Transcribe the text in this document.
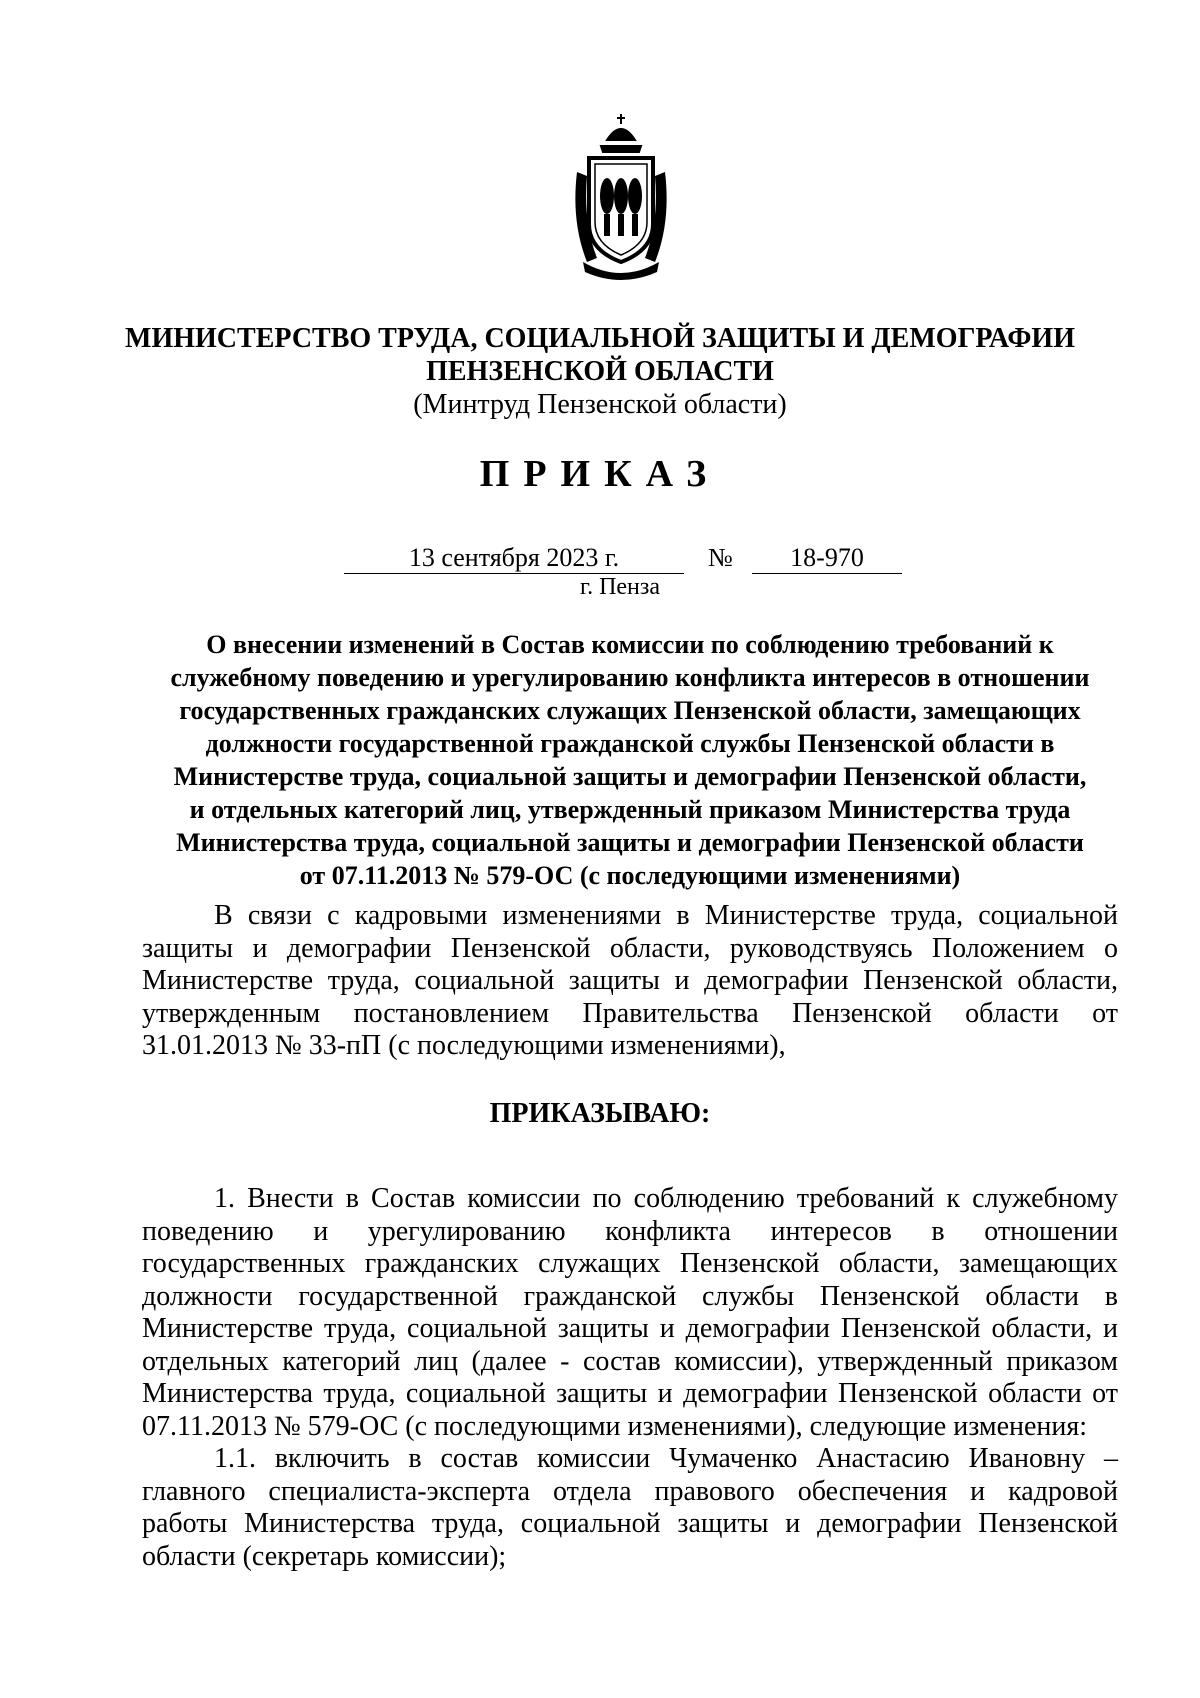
МИНИСТЕРСТВО ТРУДА, СОЦИАЛЬНОЙ ЗАЩИТЫ И ДЕМОГРАФИИ
ПЕНЗЕНСКОЙ ОБЛАСТИ
(Минтруд Пензенской области)
ПРИКАЗ
13 сентября 2023 г.	№	18-970
г. Пенза
О внесении изменений в Состав комиссии по соблюдению требований к
служебному поведению и урегулированию конфликта интересов в отношении
государственных гражданских служащих Пензенской области, замещающих
должности государственной гражданской службы Пензенской области в
Министерстве труда, социальной защиты и демографии Пензенской области,
и отдельных категорий лиц, утвержденный приказом Министерства труда
Министерства труда, социальной защиты и демографии Пензенской области
от 07.11.2013 № 579-ОС (с последующими изменениями)
В связи с кадровыми изменениями в Министерстве труда, социальной
защиты и демографии Пензенской области, руководствуясь Положением о
Министерстве труда, социальной защиты и демографии Пензенской области,
утвержденным постановлением Правительства Пензенской области от
31.01.2013 № 33-пП (с последующими изменениями),
ПРИКАЗЫВАЮ:
1. Внести в Состав комиссии по соблюдению требований к служебному
поведению и урегулированию конфликта интересов в отношении
государственных гражданских служащих Пензенской области, замещающих
должности государственной гражданской службы Пензенской области в
Министерстве труда, социальной защиты и демографии Пензенской области, и
отдельных категорий лиц (далее - состав комиссии), утвержденный приказом
Министерства труда, социальной защиты и демографии Пензенской области от
07.11.2013 № 579-ОС (с последующими изменениями), следующие изменения:
1.1. включить в состав комиссии Чумаченко Анастасию Ивановну –
главного специалиста-эксперта отдела правового обеспечения и кадровой
работы Министерства труда, социальной защиты и демографии Пензенской
области (секретарь комиссии);
